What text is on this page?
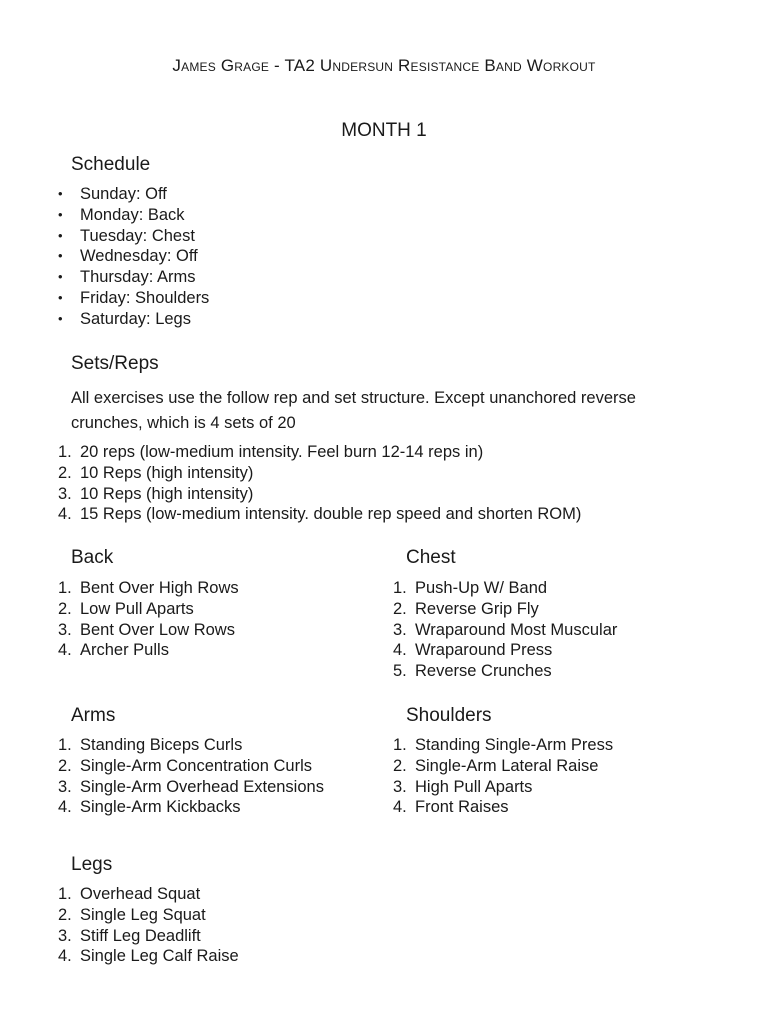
James Grage - TA2 Undersun Resistance Band Workout
MONTH 1
Schedule
• Sunday: Off
• Monday: Back
• Tuesday: Chest
• Wednesday: Off
• Thursday: Arms
• Friday: Shoulders
• Saturday: Legs
Sets/Reps
All exercises use the follow rep and set structure. Except unanchored reverse crunches, which is 4 sets of 20
1. 20 reps (low-medium intensity. Feel burn 12-14 reps in)
2. 10 Reps (high intensity)
3. 10 Reps (high intensity)
4. 15 Reps (low-medium intensity. double rep speed and shorten ROM)
Back
1. Bent Over High Rows
2. Low Pull Aparts
3. Bent Over Low Rows
4. Archer Pulls
Chest
1. Push-Up W/ Band
2. Reverse Grip Fly
3. Wraparound Most Muscular
4. Wraparound Press
5. Reverse Crunches
Arms
1. Standing Biceps Curls
2. Single-Arm Concentration Curls
3. Single-Arm Overhead Extensions
4. Single-Arm Kickbacks
Shoulders
1. Standing Single-Arm Press
2. Single-Arm Lateral Raise
3. High Pull Aparts
4. Front Raises
Legs
1. Overhead Squat
2. Single Leg Squat
3. Stiff Leg Deadlift
4. Single Leg Calf Raise
